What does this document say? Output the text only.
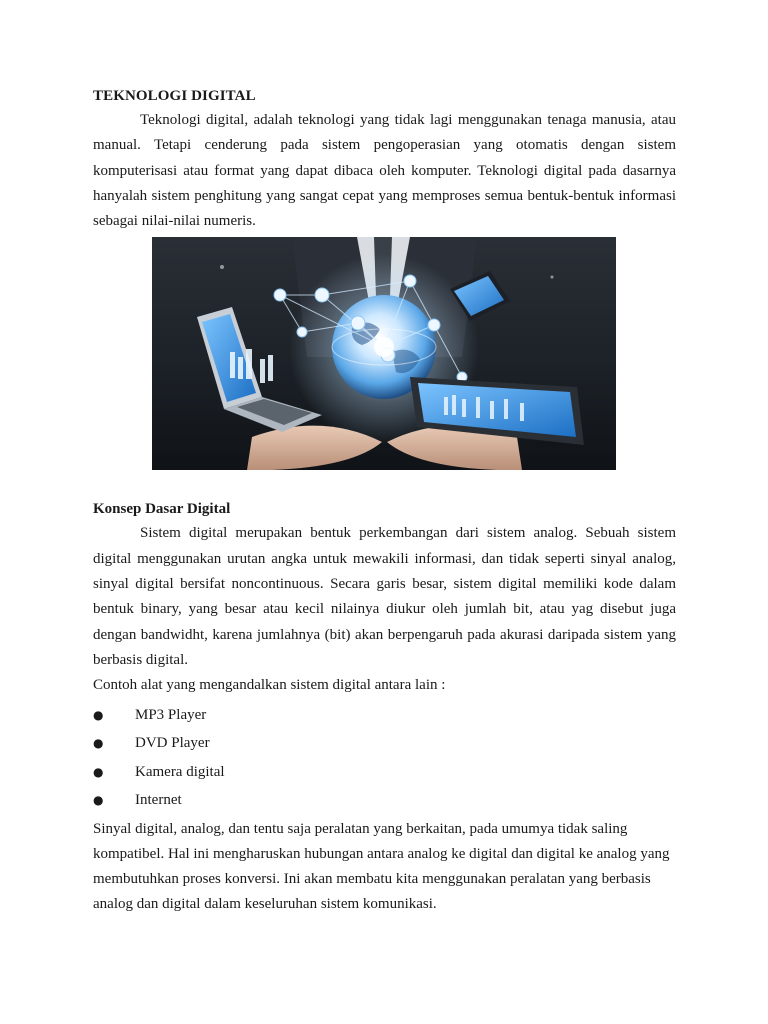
TEKNOLOGI DIGITAL

Teknologi digital, adalah teknologi yang tidak lagi menggunakan tenaga manusia, atau manual. Tetapi cenderung pada sistem pengoperasian yang otomatis dengan sistem komputerisasi atau format yang dapat dibaca oleh komputer. Teknologi digital pada dasarnya hanyalah sistem penghitung yang sangat cepat yang memproses semua bentuk-bentuk informasi sebagai nilai-nilai numeris.

Konsep Dasar Digital

Sistem digital merupakan bentuk perkembangan dari sistem analog. Sebuah sistem digital menggunakan urutan angka untuk mewakili informasi, dan tidak seperti sinyal analog, sinyal digital bersifat noncontinuous. Secara garis besar, sistem digital memiliki kode dalam bentuk binary, yang besar atau kecil nilainya diukur oleh jumlah bit, atau yag disebut juga dengan bandwidht, karena jumlahnya (bit) akan berpengaruh pada akurasi daripada sistem yang berbasis digital.

Contoh alat yang mengandalkan sistem digital antara lain :

● MP3 Player
● DVD Player
● Kamera digital
● Internet

Sinyal digital, analog, dan tentu saja peralatan yang berkaitan, pada umumya tidak saling kompatibel. Hal ini mengharuskan hubungan antara analog ke digital dan digital ke analog yang membutuhkan proses konversi. Ini akan membatu kita menggunakan peralatan yang berbasis analog dan digital dalam keseluruhan sistem komunikasi.
